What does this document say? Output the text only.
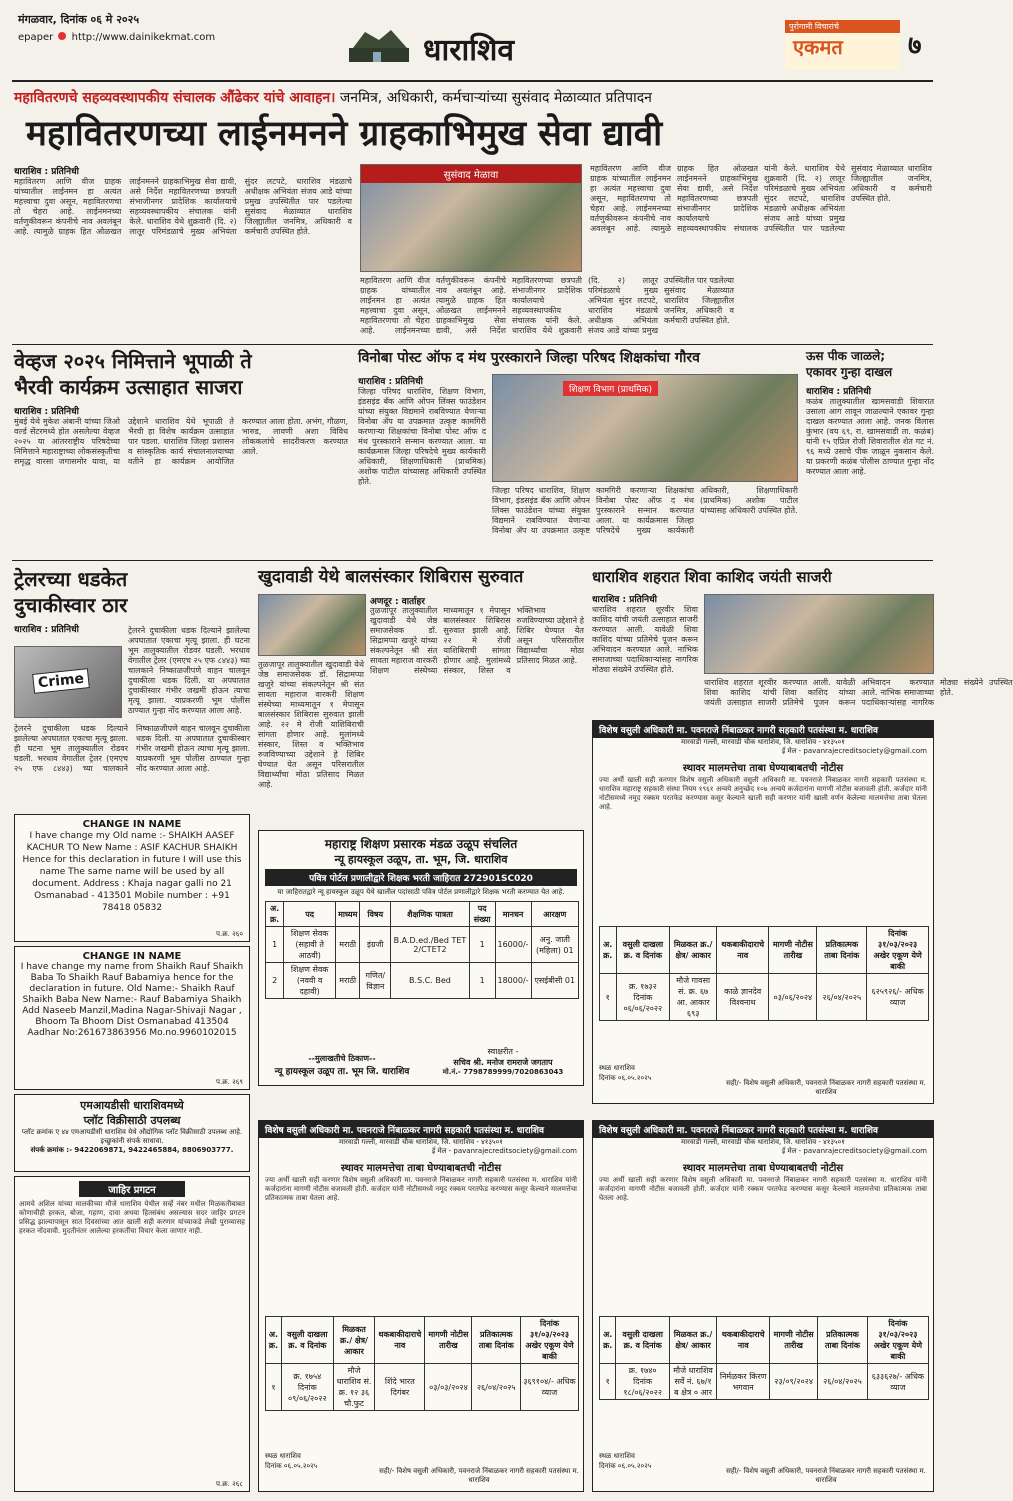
मंगळवार, दिनांक ०६ मे २०२५
epaper http://www.dainikekmat.com	धाराशिव
पुरोगामी विचारांचे
एकमत	७
महावितरणचे सहव्यवस्थापकीय संचालक औंढेकर यांचे आवाहन। जनमित्र, अधिकारी, कर्मचाऱ्यांच्या सुसंवाद मेळाव्यात प्रतिपादन
महावितरणच्या लाईनमनने ग्राहकाभिमुख सेवा द्यावी
धाराशिव : प्रतिनिधी
महावितरण आणि वीज ग्राहक यांच्यातील लाईनमन हा अत्यंत महत्त्वाचा दुवा असून, महावितरणचा तो चेहरा आहे. लाईनमनच्या वर्तणुकीवरून कंपनीचे नाव अवलंबून आहे. त्यामुळे ग्राहक हित ओळखत लाईनमनने ग्राहकाभिमुख सेवा द्यावी, असे निर्देश महावितरणच्या छत्रपती संभाजीनगर प्रादेशिक कार्यालयाचे सहव्यवस्थापकीय संचालक यांनी केले. धाराशिव येथे शुक्रवारी (दि. २) लातूर परिमंडळाचे मुख्य अभियंता सुंदर लटपटे, धाराशिव मंडळाचे अधीक्षक अभियंता संजय आडे यांच्या प्रमुख उपस्थितीत पार पडलेल्या सुसंवाद मेळाव्यात धाराशिव जिल्ह्यातील जनमित्र, अधिकारी व कर्मचारी उपस्थित होते.
सुसंवाद मेळावा
महावितरण आणि वीज ग्राहक यांच्यातील लाईनमन हा अत्यंत महत्त्वाचा दुवा असून, महावितरणचा तो चेहरा आहे. लाईनमनच्या वर्तणुकीवरून कंपनीचे नाव अवलंबून आहे. त्यामुळे ग्राहक हित ओळखत लाईनमनने ग्राहकाभिमुख सेवा द्यावी, असे निर्देश महावितरणच्या छत्रपती संभाजीनगर प्रादेशिक कार्यालयाचे सहव्यवस्थापकीय संचालक यांनी केले. धाराशिव येथे शुक्रवारी (दि. २) लातूर परिमंडळाचे मुख्य अभियंता सुंदर लटपटे, धाराशिव मंडळाचे अधीक्षक अभियंता संजय आडे यांच्या प्रमुख उपस्थितीत पार पडलेल्या सुसंवाद मेळाव्यात धाराशिव जिल्ह्यातील जनमित्र, अधिकारी व कर्मचारी उपस्थित होते.
महावितरण आणि वीज ग्राहक यांच्यातील लाईनमन हा अत्यंत महत्त्वाचा दुवा असून, महावितरणचा तो चेहरा आहे. लाईनमनच्या वर्तणुकीवरून कंपनीचे नाव अवलंबून आहे. त्यामुळे ग्राहक हित ओळखत लाईनमनने ग्राहकाभिमुख सेवा द्यावी, असे निर्देश महावितरणच्या छत्रपती संभाजीनगर प्रादेशिक कार्यालयाचे सहव्यवस्थापकीय संचालक यांनी केले. धाराशिव येथे शुक्रवारी (दि. २) लातूर परिमंडळाचे मुख्य अभियंता सुंदर लटपटे, धाराशिव मंडळाचे अधीक्षक अभियंता संजय आडे यांच्या प्रमुख उपस्थितीत पार पडलेल्या सुसंवाद मेळाव्यात धाराशिव जिल्ह्यातील जनमित्र, अधिकारी व कर्मचारी उपस्थित होते.
वेव्हज २०२५ निमित्ताने भूपाळी ते
भैरवी कार्यक्रम उत्साहात साजरा
धाराशिव : प्रतिनिधी
मुंबई येथे मुकेश अंबानी यांच्या जिओ वर्ल्ड सेंटरमध्ये होत असलेल्या वेव्हज २०२५ या आंतरराष्ट्रीय परिषदेच्या निमित्ताने महाराष्ट्राच्या लोकसंस्कृतीचा समृद्ध वारसा जगासमोर यावा, या उद्देशाने धाराशिव येथे भूपाळी ते भैरवी हा विशेष कार्यक्रम उत्साहात पार पडला. धाराशिव जिल्हा प्रशासन व सांस्कृतिक कार्य संचालनालयाच्या वतीने हा कार्यक्रम आयोजित करण्यात आला होता. अभंग, गौळण, भारुड, लावणी अशा विविध लोककलांचे सादरीकरण करण्यात आले.
विनोबा पोस्ट ऑफ द मंथ पुरस्काराने जिल्हा परिषद शिक्षकांचा गौरव
धाराशिव : प्रतिनिधी
जिल्हा परिषद धाराशिव, शिक्षण विभाग, इंडसइंड बँक आणि ओपन लिंक्स फाउंडेशन यांच्या संयुक्त विद्यमाने राबविण्यात येणाऱ्या विनोबा ॲप या उपक्रमात उत्कृष्ट कामगिरी करणाऱ्या शिक्षकांचा विनोबा पोस्ट ऑफ द मंथ पुरस्काराने सन्मान करण्यात आला. या कार्यक्रमास जिल्हा परिषदेचे मुख्य कार्यकारी अधिकारी, शिक्षणाधिकारी (प्राथमिक) अशोक पाटील यांच्यासह अधिकारी उपस्थित होते.
शिक्षण विभाग (प्राथमिक)
जिल्हा परिषद धाराशिव, शिक्षण विभाग, इंडसइंड बँक आणि ओपन लिंक्स फाउंडेशन यांच्या संयुक्त विद्यमाने राबविण्यात येणाऱ्या विनोबा ॲप या उपक्रमात उत्कृष्ट कामगिरी करणाऱ्या शिक्षकांचा विनोबा पोस्ट ऑफ द मंथ पुरस्काराने सन्मान करण्यात आला. या कार्यक्रमास जिल्हा परिषदेचे मुख्य कार्यकारी अधिकारी, शिक्षणाधिकारी (प्राथमिक) अशोक पाटील यांच्यासह अधिकारी उपस्थित होते.
ऊस पीक जाळले;
एकावर गुन्हा दाखल
धाराशिव : प्रतिनिधी
कळंब तालुक्यातील खामसवाडी शिवारात उसाला आग लावून जाळल्याने एकावर गुन्हा दाखल करण्यात आला आहे. जनक विलास कुंभार (वय ६९, रा. खामसवाडी ता. कळंब) यांनी १५ एप्रिल रोजी शिवारातील शेत गट नं. ९६ मध्ये उसाचे पीक जाळून नुकसान केले. या प्रकरणी कळंब पोलीस ठाण्यात गुन्हा नोंद करण्यात आला आहे.
ट्रेलरच्या धडकेत
दुचाकीस्वार ठार
धाराशिव : प्रतिनिधी
Crime
ट्रेलरने दुचाकीला धडक दिल्याने झालेल्या अपघातात एकाचा मृत्यू झाला. ही घटना भूम तालुक्यातील रोडवर घडली. भरधाव वेगातील ट्रेलर (एमएच २५ एफ ८४४३) च्या चालकाने निष्काळजीपणे वाहन चालवून दुचाकीला धडक दिली. या अपघातात दुचाकीस्वार गंभीर जखमी होऊन त्याचा मृत्यू झाला. याप्रकरणी भूम पोलीस ठाण्यात गुन्हा नोंद करण्यात आला आहे.
ट्रेलरने दुचाकीला धडक दिल्याने झालेल्या अपघातात एकाचा मृत्यू झाला. ही घटना भूम तालुक्यातील रोडवर घडली. भरधाव वेगातील ट्रेलर (एमएच २५ एफ ८४४३) च्या चालकाने निष्काळजीपणे वाहन चालवून दुचाकीला धडक दिली. या अपघातात दुचाकीस्वार गंभीर जखमी होऊन त्याचा मृत्यू झाला. याप्रकरणी भूम पोलीस ठाण्यात गुन्हा नोंद करण्यात आला आहे.
खुदावाडी येथे बालसंस्कार शिबिरास सुरुवात
अणदूर : वार्ताहर
तुळजापूर तालुक्यातील खुदावाडी येथे जेष्ठ समाजसेवक डॉ. सिद्रामप्पा खजुरे यांच्या संकल्पनेतून श्री संत सावता महाराज वारकरी शिक्षण संस्थेच्या माध्यमातून १ मेपासून बालसंस्कार शिबिरास सुरुवात झाली आहे. २२ मे रोजी याशिबिराची सांगता होणार आहे. मुलांमध्ये संस्कार, शिस्त व भक्तिभाव रुजविण्याच्या उद्देशाने हे शिबिर घेण्यात येत असून परिसरातील विद्यार्थ्यांचा मोठा प्रतिसाद मिळत आहे.
तुळजापूर तालुक्यातील खुदावाडी येथे जेष्ठ समाजसेवक डॉ. सिद्रामप्पा खजुरे यांच्या संकल्पनेतून श्री संत सावता महाराज वारकरी शिक्षण संस्थेच्या माध्यमातून १ मेपासून बालसंस्कार शिबिरास सुरुवात झाली आहे. २२ मे रोजी याशिबिराची सांगता होणार आहे. मुलांमध्ये संस्कार, शिस्त व भक्तिभाव रुजविण्याच्या उद्देशाने हे शिबिर घेण्यात येत असून परिसरातील विद्यार्थ्यांचा मोठा प्रतिसाद मिळत आहे.
धाराशिव शहरात शिवा काशिद जयंती साजरी
धाराशिव : प्रतिनिधी
धाराशिव शहरात शूरवीर शिवा काशिद यांची जयंती उत्साहात साजरी करण्यात आली. यावेळी शिवा काशिद यांच्या प्रतिमेचे पूजन करून अभिवादन करण्यात आले. नाभिक समाजाच्या पदाधिकाऱ्यांसह नागरिक मोठ्या संख्येने उपस्थित होते.
धाराशिव शहरात शूरवीर शिवा काशिद यांची जयंती उत्साहात साजरी करण्यात आली. यावेळी शिवा काशिद यांच्या प्रतिमेचे पूजन करून अभिवादन करण्यात आले. नाभिक समाजाच्या पदाधिकाऱ्यांसह नागरिक मोठ्या संख्येने उपस्थित होते.
विशेष वसुली अधिकारी मा. पवनराजे निंबाळकर नागरी सहकारी पतसंस्था म. धाराशिव
मारवाडी गल्ली, मारवाडी चौक धाराशिव, जि. धाराशिव - ४१३५०१
ई मेल - pavanrajecreditsociety@gmail.com
स्थावर मालमत्तेचा ताबा घेण्याबाबतची नोटीस
ज्या अर्थी खाली सही करणार विशेष वसुली अधिकारी वसुली अधिकारी मा. पवनराजे निंबाळकर नागरी सहकारी पतसंस्था म. धाराशिव महाराष्ट्र सहकारी संस्था नियम १९६१ अन्वये अनुच्छेद १०७ अन्वये कर्जदारांना मागणी नोटीस बजावली होती. कर्जदार यांनी नोटीसमध्ये नमूद रक्कम परतफेड करण्यास कसूर केल्याने खाली सही करणार यांनी खाली वर्णन केलेल्या मालमत्तेचा ताबा घेतला आहे.
अ. क्र.	वसुली दाखला क्र. व दिनांक	मिळकत क्र./ क्षेत्र/ आकार	थकबाकीदाराचे नाव	मागणी नोटीस तारीख	प्रतिकात्मक ताबा दिनांक	दिनांक ३१/०३/२०२३ अखेर एकूण येणे बाकी
१	क्र. १७३२ दिनांक ०६/०६/२०२२	मौजे गावसा सं. क्र. ६७ आ. आकार ६९३	काळे ज्ञानदेव विश्वनाथ	०३/०६/२०२४	२६/०४/२०२५	६२५९२६/- अधिक व्याज
स्थळ धाराशिव
दिनांक ०६.०५.२०२५
सही/- विशेष वसुली अधिकारी, पवनराजे निंबाळकर नागरी सहकारी पतसंस्था म. धाराशिव
CHANGE IN NAME
I have change my Old name :- SHAIKH AASEF KACHUR TO New Name : ASIF KACHUR SHAIKH Hence for this declaration in future I will use this name The same name will be used by all document. Address : Khaja nagar galli no 21 Osmanabad - 413501 Mobile number : +91 78418 05832
प.क्र. २६०
CHANGE IN NAME
I have change my name from Shaikh Rauf Shaikh Baba To Shaikh Rauf Babamiya hence for the declaration in future. Old Name:- Shaikh Rauf Shaikh Baba New Name:- Rauf Babamiya Shaikh Add Naseeb Manzil,Madina Nagar-Shivaji Nagar , Bhoom Ta Bhoom Dist Osmanabad 413504 Aadhar No:261673863956 Mo.no.9960102015
प.क्र. २६९
एमआयडीसी धाराशिवमध्ये
प्लॉट विक्रीसाठी उपलब्ध
प्लॉट क्रमांक ए ४४ एमआयडीसी धाराशिव येथे औद्योगिक प्लॉट विक्रीसाठी उपलब्ध आहे. इच्छुकांनी संपर्क साधावा.
संपर्क क्रमांक :- 9422069871, 9422465884, 8806903777.
जाहिर प्रगटन
आमचे अशिल यांच्या मालकीच्या मौजे धाराशिव येथील सर्व्हे नंबर मधील मिळकतीबाबत कोणाचीही हरकत, बोजा, गहाण, दावा अथवा हितसंबंध असल्यास सदर जाहिर प्रगटन प्रसिद्ध झाल्यापासून सात दिवसांच्या आत खाली सही करणार यांच्याकडे लेखी पुराव्यासह हरकत नोंदवावी. मुदतीनंतर आलेल्या हरकतींचा विचार केला जाणार नाही.
प.क्र. २६८
महाराष्ट्र शिक्षण प्रसारक मंडळ उळूप संचलित
न्यू हायस्कूल उळूप, ता. भूम, जि. धाराशिव
पवित्र पोर्टल प्रणालीद्वारे शिक्षक भरती जाहिरात 272901SC020
या जाहिरातद्वारे न्यू हायस्कूल उळूप येथे खालील पदांसाठी पवित्र पोर्टल प्रणालीद्वारे शिक्षक भरती करण्यात येत आहे.
अ. क्र.	पद	माध्यम	विषय	शैक्षणिक पात्रता	पद संख्या	मानधन	आरक्षण
1	शिक्षण सेवक (सहावी ते आठवी)	मराठी	इंग्रजी	B.A.D.ed./Bed TET 2/CTET2	1	16000/-	अनु. जाती (महिला) 01
2	शिक्षण सेवक (नववी व दहावी)	मराठी	गणित/विज्ञान	B.S.C. Bed	1	18000/-	एसईबीसी 01
--मुलाखतीचे ठिकाण--
न्यू हायस्कूल उळूप ता. भूम जि. धाराशिव
स्वाक्षरीत -
सचिव श्री. मनोज रामराजे जगताप
मो.नं.- 7798789999/7020863043
विशेष वसुली अधिकारी मा. पवनराजे निंबाळकर नागरी सहकारी पतसंस्था म. धाराशिव
मारवाडी गल्ली, मारवाडी चौक धाराशिव, जि. धाराशिव - ४१३५०१
ई मेल - pavanrajecreditsociety@gmail.com
स्थावर मालमत्तेचा ताबा घेण्याबाबतची नोटीस
ज्या अर्थी खाली सही करणार विशेष वसुली अधिकारी मा. पवनराजे निंबाळकर नागरी सहकारी पतसंस्था म. धाराशिव यांनी कर्जदारांना मागणी नोटीस बजावली होती. कर्जदार यांनी नोटीसमध्ये नमूद रक्कम परतफेड करण्यास कसूर केल्याने मालमत्तेचा प्रतिकात्मक ताबा घेतला आहे.
अ. क्र.	वसुली दाखला क्र. व दिनांक	मिळकत क्र./ क्षेत्र/ आकार	थकबाकीदाराचे नाव	मागणी नोटीस तारीख	प्रतिकात्मक ताबा दिनांक	दिनांक ३१/०३/२०२३ अखेर एकूण येणे बाकी
१	क्र. १७५४ दिनांक ०९/०६/२०२२	मौजे धाराशिव सं. क्र. १२ ३६ चौ.फुट	शिंदे भारत दिगंबर	०३/०३/२०२४	२६/०४/२०२५	३६९१०४/- अधिक व्याज
स्थळ धाराशिव
दिनांक ०६.०५.२०२५
सही/- विशेष वसुली अधिकारी, पवनराजे निंबाळकर नागरी सहकारी पतसंस्था म. धाराशिव
विशेष वसुली अधिकारी मा. पवनराजे निंबाळकर नागरी सहकारी पतसंस्था म. धाराशिव
मारवाडी गल्ली, मारवाडी चौक धाराशिव, जि. धाराशिव - ४१३५०१
ई मेल - pavanrajecreditsociety@gmail.com
स्थावर मालमत्तेचा ताबा घेण्याबाबतची नोटीस
ज्या अर्थी खाली सही करणार विशेष वसुली अधिकारी मा. पवनराजे निंबाळकर नागरी सहकारी पतसंस्था म. धाराशिव यांनी कर्जदारांना मागणी नोटीस बजावली होती. कर्जदार यांनी रक्कम परतफेड करण्यास कसूर केल्याने मालमत्तेचा प्रतिकात्मक ताबा घेतला आहे.
अ. क्र.	वसुली दाखला क्र. व दिनांक	मिळकत क्र./ क्षेत्र/ आकार	थकबाकीदाराचे नाव	मागणी नोटीस तारीख	प्रतिकात्मक ताबा दिनांक	दिनांक ३१/०३/२०२३ अखेर एकूण येणे बाकी
१	क्र. १७४० दिनांक १८/०६/२०२२	मौजे धाराशिव सर्वे नं. ६७/१ ब क्षेत्र ० आर	निर्मळकर किरण भगवान	२३/०९/२०२४	२६/०४/२०२५	६३३६२७/- अधिक व्याज
स्थळ धाराशिव
दिनांक ०६.०५.२०२५
सही/- विशेष वसुली अधिकारी, पवनराजे निंबाळकर नागरी सहकारी पतसंस्था म. धाराशिव
